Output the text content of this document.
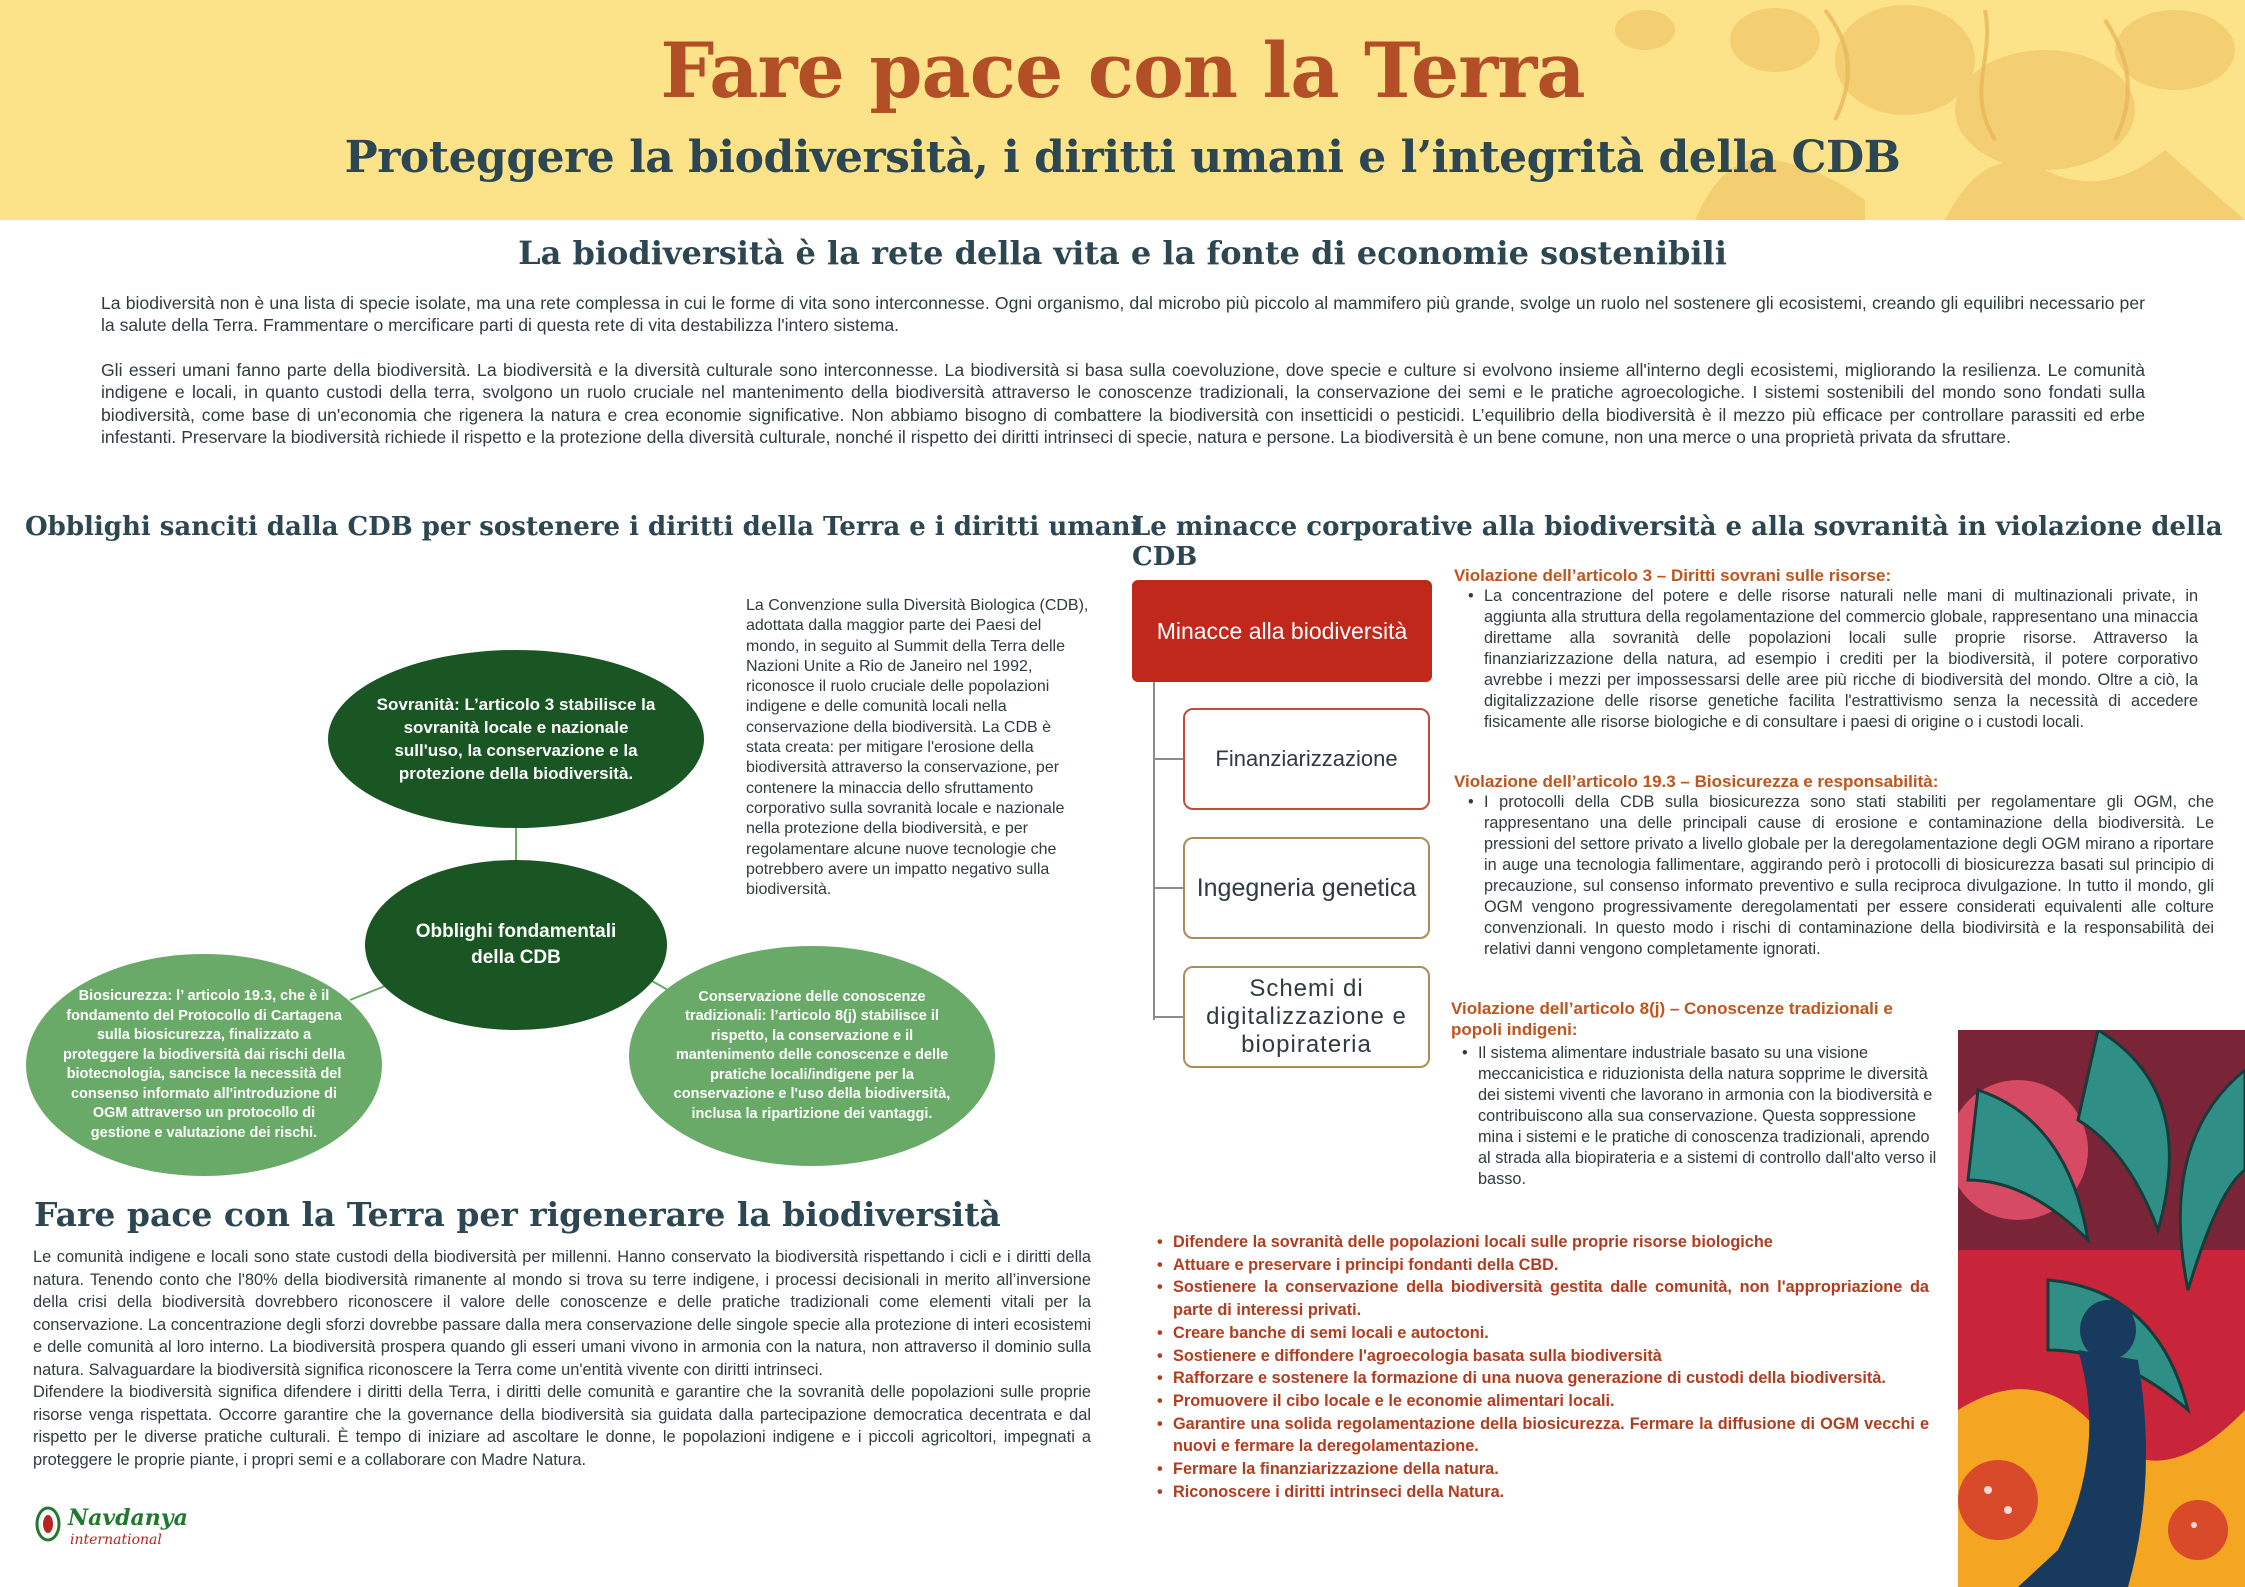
Fare pace con la Terra
Proteggere la biodiversità, i diritti umani e l’integrità della CDB
La biodiversità è la rete della vita e la fonte di economie sostenibili

La biodiversità non è una lista di specie isolate, ma una rete complessa in cui le forme di vita sono interconnesse. Ogni organismo, dal microbo più piccolo al mammifero più grande, svolge un ruolo nel sostenere gli ecosistemi, creando gli equilibri necessario per la salute della Terra. Frammentare o mercificare parti di questa rete di vita destabilizza l'intero sistema.

Gli esseri umani fanno parte della biodiversità. La biodiversità e la diversità culturale sono interconnesse. La biodiversità si basa sulla coevoluzione, dove specie e culture si evolvono insieme all'interno degli ecosistemi, migliorando la resilienza. Le comunità indigene e locali, in quanto custodi della terra, svolgono un ruolo cruciale nel mantenimento della biodiversità attraverso le conoscenze tradizionali, la conservazione dei semi e le pratiche agroecologiche. I sistemi sostenibili del mondo sono fondati sulla biodiversità, come base di un'economia che rigenera la natura e crea economie significative. Non abbiamo bisogno di combattere la biodiversità con insetticidi o pesticidi. L’equilibrio della biodiversità è il mezzo più efficace per controllare parassiti ed erbe infestanti. Preservare la biodiversità richiede il rispetto e la protezione della diversità culturale, nonché il rispetto dei diritti intrinseci di specie, natura e persone. La biodiversità è un bene comune, non una merce o una proprietà privata da sfruttare.

Obblighi sanciti dalla CDB per sostenere i diritti della Terra e i diritti umani
Sovranità: L’articolo 3 stabilisce la sovranità locale e nazionale sull'uso, la conservazione e la protezione della biodiversità.
Obblighi fondamentali della CDB
Biosicurezza: l’ articolo 19.3, che è il fondamento del Protocollo di Cartagena sulla biosicurezza, finalizzato a proteggere la biodiversità dai rischi della biotecnologia, sancisce la necessità del consenso informato all'introduzione di OGM attraverso un protocollo di gestione e valutazione dei rischi.
Conservazione delle conoscenze tradizionali: l’articolo 8(j) stabilisce il rispetto, la conservazione e il mantenimento delle conoscenze e delle pratiche locali/indigene per la conservazione e l'uso della biodiversità, inclusa la ripartizione dei vantaggi.

La Convenzione sulla Diversità Biologica (CDB), adottata dalla maggior parte dei Paesi del mondo, in seguito al Summit della Terra delle Nazioni Unite a Rio de Janeiro nel 1992, riconosce il ruolo cruciale delle popolazioni indigene e delle comunità locali nella conservazione della biodiversità. La CDB è stata creata: per mitigare l'erosione della biodiversità attraverso la conservazione, per contenere la minaccia dello sfruttamento corporativo sulla sovranità locale e nazionale nella protezione della biodiversità, e per regolamentare alcune nuove tecnologie che potrebbero avere un impatto negativo sulla biodiversità.

Le minacce corporative alla biodiversità e alla sovranità in violazione della CDB
Minacce alla biodiversità
Finanziarizzazione
Ingegneria genetica
Schemi di digitalizzazione e biopirateria
Violazione dell’articolo 3 – Diritti sovrani sulle risorse:

• La concentrazione del potere e delle risorse naturali nelle mani di multinazionali private, in aggiunta alla struttura della regolamentazione del commercio globale, rappresentano una minaccia direttame alla sovranità delle popolazioni locali sulle proprie risorse. Attraverso la finanziarizzazione della natura, ad esempio i crediti per la biodiversità, il potere corporativo avrebbe i mezzi per impossessarsi delle aree più ricche di biodiversità del mondo. Oltre a ciò, la digitalizzazione delle risorse genetiche facilita l'estrattivismo senza la necessità di accedere fisicamente alle risorse biologiche e di consultare i paesi di origine o i custodi locali.

Violazione dell’articolo 19.3 – Biosicurezza e responsabilità:

• I protocolli della CDB sulla biosicurezza sono stati stabiliti per regolamentare gli OGM, che rappresentano una delle principali cause di erosione e contaminazione della biodiversità. Le pressioni del settore privato a livello globale per la deregolamentazione degli OGM mirano a riportare in auge una tecnologia fallimentare, aggirando però i protocolli di biosicurezza basati sul principio di precauzione, sul consenso informato preventivo e sulla reciproca divulgazione. In tutto il mondo, gli OGM vengono progressivamente deregolamentati per essere considerati equivalenti alle colture convenzionali. In questo modo i rischi di contaminazione della biodivirsità e la responsabilità dei relativi danni vengono completamente ignorati.

Violazione dell’articolo 8(j) – Conoscenze tradizionali e popoli indigeni:

• Il sistema alimentare industriale basato su una visione meccanicistica e riduzionista della natura sopprime le diversità dei sistemi viventi che lavorano in armonia con la biodiversità e contribuiscono alla sua conservazione. Questa soppressione mina i sistemi e le pratiche di conoscenza tradizionali, aprendo al strada alla biopirateria e a sistemi di controllo dall'alto verso il basso.

• Difendere la sovranità delle popolazioni locali sulle proprie risorse biologiche
• Attuare e preservare i principi fondanti della CBD.
• Sostienere la conservazione della biodiversità gestita dalle comunità, non l'appropriazione da parte di interessi privati.
• Creare banche di semi locali e autoctoni.
• Sostienere e diffondere l'agroecologia basata sulla biodiversità
• Rafforzare e sostenere la formazione di una nuova generazione di custodi della biodiversità.
• Promuovere il cibo locale e le economie alimentari locali.
• Garantire una solida regolamentazione della biosicurezza. Fermare la diffusione di OGM vecchi e nuovi e fermare la deregolamentazione.
• Fermare la finanziarizzazione della natura.
• Riconoscere i diritti intrinseci della Natura.
Fare pace con la Terra per rigenerare la biodiversità

Le comunità indigene e locali sono state custodi della biodiversità per millenni. Hanno conservato la biodiversità rispettando i cicli e i diritti della natura. Tenendo conto che l'80% della biodiversità rimanente al mondo si trova su terre indigene, i processi decisionali in merito all’inversione della crisi della biodiversità dovrebbero riconoscere il valore delle conoscenze e delle pratiche tradizionali come elementi vitali per la conservazione. La concentrazione degli sforzi dovrebbe passare dalla mera conservazione delle singole specie alla protezione di interi ecosistemi e delle comunità al loro interno. La biodiversità prospera quando gli esseri umani vivono in armonia con la natura, non attraverso il dominio sulla natura. Salvaguardare la biodiversità significa riconoscere la Terra come un'entità vivente con diritti intrinseci.

Difendere la biodiversità significa difendere i diritti della Terra, i diritti delle comunità e garantire che la sovranità delle popolazioni sulle proprie risorse venga rispettata. Occorre garantire che la governance della biodiversità sia guidata dalla partecipazione democratica decentrata e dal rispetto per le diverse pratiche culturali. È tempo di iniziare ad ascoltare le donne, le popolazioni indigene e i piccoli agricoltori, impegnati a proteggere le proprie piante, i propri semi e a collaborare con Madre Natura.

Navdanya
international
